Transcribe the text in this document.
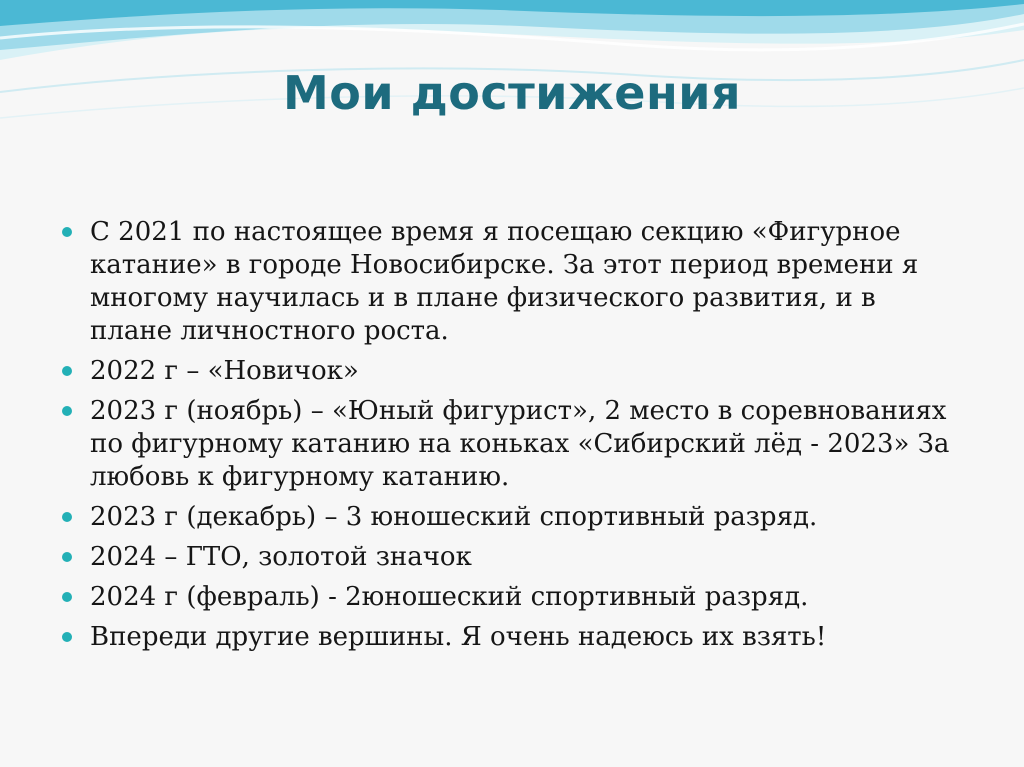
Мои достижения
С 2021 по настоящее время я посещаю секцию «Фигурное катание» в городе Новосибирске. За этот период времени я многому научилась и в плане физического развития, и в плане личностного роста.
2022 г – «Новичок»
2023 г (ноябрь) – «Юный фигурист», 2 место в соревнованиях по фигурному катанию на коньках «Сибирский лёд - 2023» За любовь к фигурному катанию.
2023 г (декабрь) – 3 юношеский спортивный разряд.
2024 – ГТО, золотой значок
2024 г (февраль) - 2юношеский спортивный разряд.
Впереди другие вершины. Я очень надеюсь их взять!
